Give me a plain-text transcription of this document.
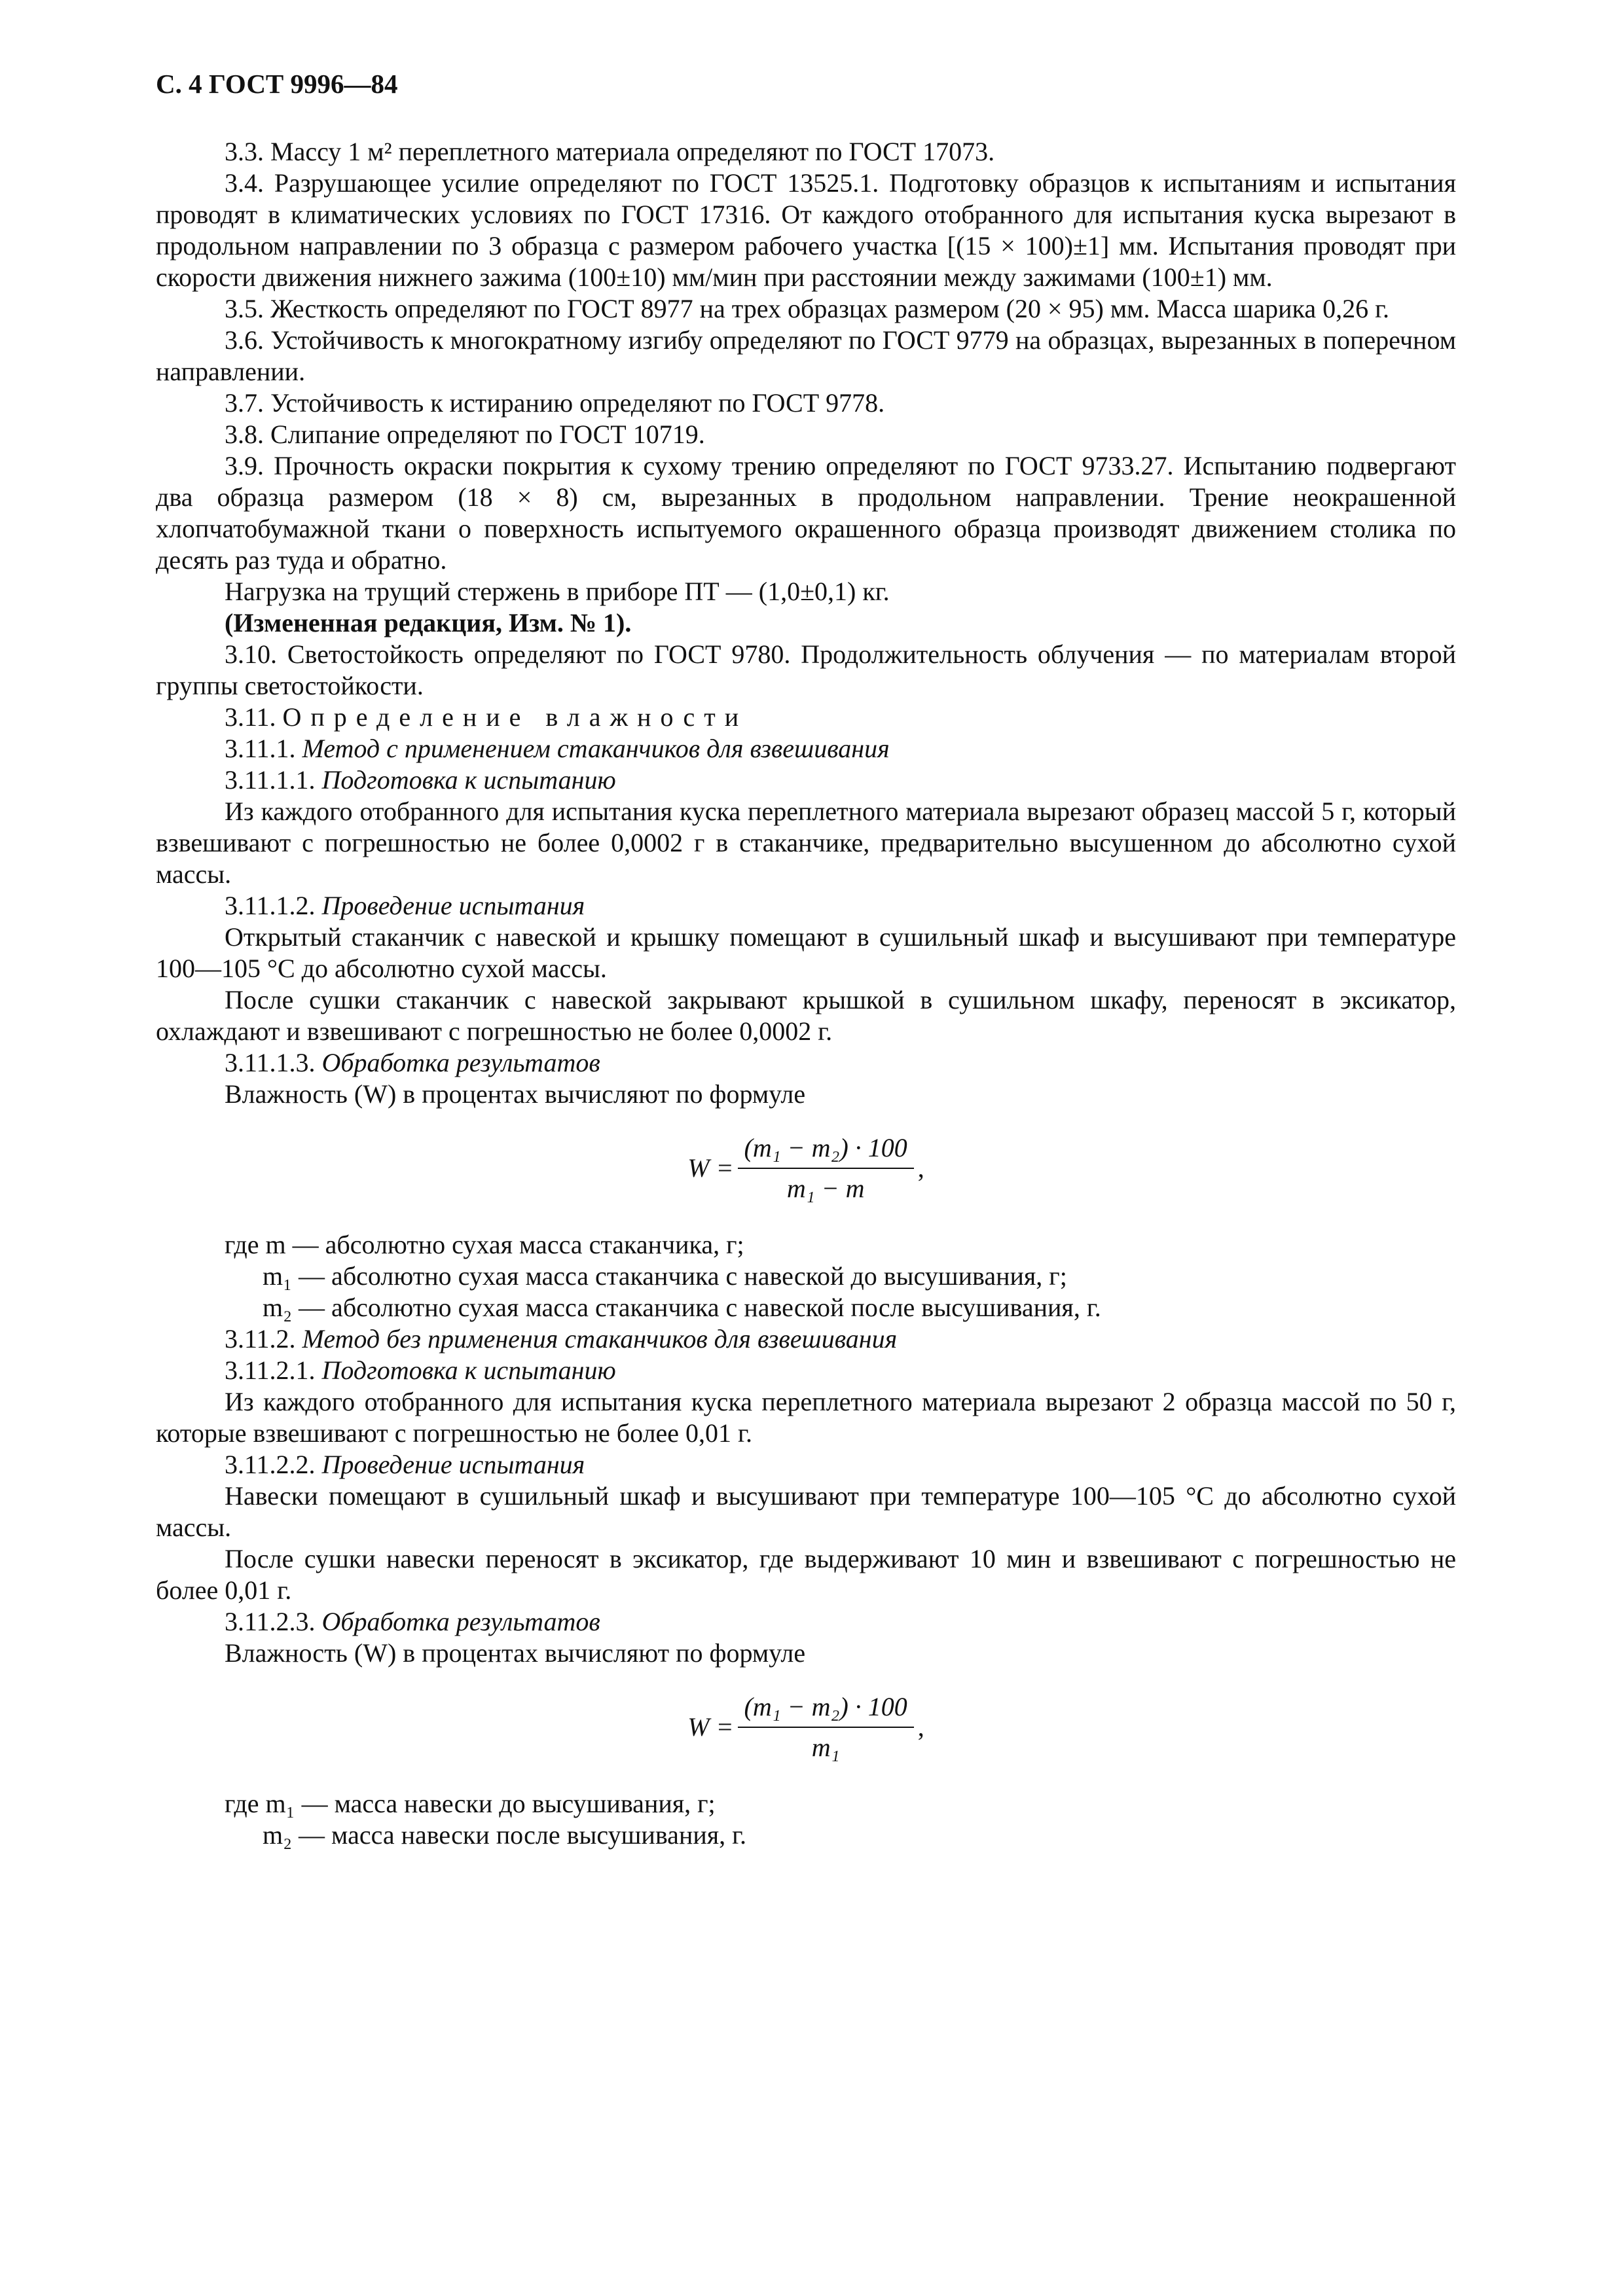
С. 4 ГОСТ 9996—84

3.3. Массу 1 м² переплетного материала определяют по ГОСТ 17073.

3.4. Разрушающее усилие определяют по ГОСТ 13525.1. Подготовку образцов к испытаниям и испытания проводят в климатических условиях по ГОСТ 17316. От каждого отобранного для испытания куска вырезают в продольном направлении по 3 образца с размером рабочего участка [(15 × 100)±1] мм. Испытания проводят при скорости движения нижнего зажима (100±10) мм/мин при расстоянии между зажимами (100±1) мм.

3.5. Жесткость определяют по ГОСТ 8977 на трех образцах размером (20 × 95) мм. Масса шарика 0,26 г.

3.6. Устойчивость к многократному изгибу определяют по ГОСТ 9779 на образцах, вырезанных в поперечном направлении.

3.7. Устойчивость к истиранию определяют по ГОСТ 9778.

3.8. Слипание определяют по ГОСТ 10719.

3.9. Прочность окраски покрытия к сухому трению определяют по ГОСТ 9733.27. Испытанию подвергают два образца размером (18 × 8) см, вырезанных в продольном направлении. Трение неокрашенной хлопчатобумажной ткани о поверхность испытуемого окрашенного образца производят движением столика по десять раз туда и обратно.

Нагрузка на трущий стержень в приборе ПТ — (1,0±0,1) кг.

(Измененная редакция, Изм. № 1).

3.10. Светостойкость определяют по ГОСТ 9780. Продолжительность облучения — по материалам второй группы светостойкости.

3.11. Определение влажности

3.11.1. Метод с применением стаканчиков для взвешивания

3.11.1.1. Подготовка к испытанию

Из каждого отобранного для испытания куска переплетного материала вырезают образец массой 5 г, который взвешивают с погрешностью не более 0,0002 г в стаканчике, предварительно высушенном до абсолютно сухой массы.

3.11.1.2. Проведение испытания

Открытый стаканчик с навеской и крышку помещают в сушильный шкаф и высушивают при температуре 100—105 °С до абсолютно сухой массы.

После сушки стаканчик с навеской закрывают крышкой в сушильном шкафу, переносят в эксикатор, охлаждают и взвешивают с погрешностью не более 0,0002 г.

3.11.1.3. Обработка результатов

Влажность (W) в процентах вычисляют по формуле

$W = \frac{\text{(m₁ − m₂) · 100}}{\text{m₁ − m}}$ ,
где m — абсолютно сухая масса стаканчика, г;
m₁ — абсолютно сухая масса стаканчика с навеской до высушивания, г;
m₂ — абсолютно сухая масса стаканчика с навеской после высушивания, г.

3.11.2. Метод без применения стаканчиков для взвешивания

3.11.2.1. Подготовка к испытанию

Из каждого отобранного для испытания куска переплетного материала вырезают 2 образца массой по 50 г, которые взвешивают с погрешностью не более 0,01 г.

3.11.2.2. Проведение испытания

Навески помещают в сушильный шкаф и высушивают при температуре 100—105 °С до абсолютно сухой массы.

После сушки навески переносят в эксикатор, где выдерживают 10 мин и взвешивают с погрешностью не более 0,01 г.

3.11.2.3. Обработка результатов

Влажность (W) в процентах вычисляют по формуле

$W = \frac{\text{(m₁ − m₂) · 100}}{\text{m₁}}$ ,
где m₁ — масса навески до высушивания, г;
m₂ — масса навески после высушивания, г.
